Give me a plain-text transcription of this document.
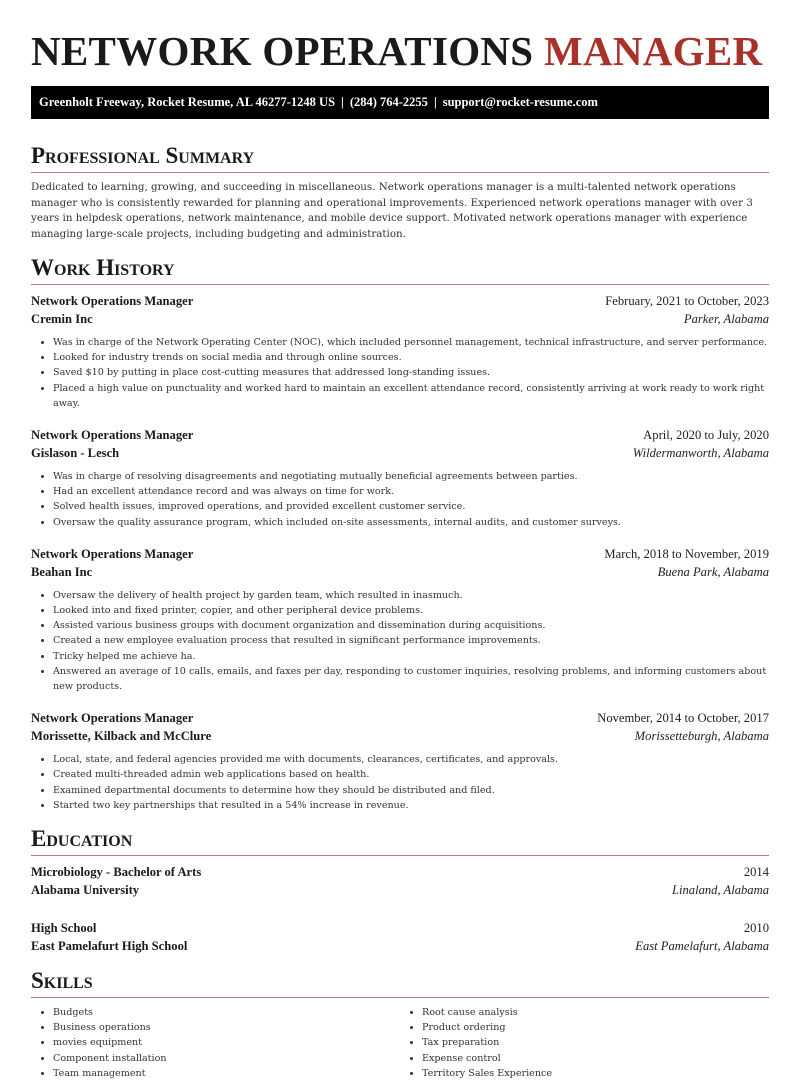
NETWORK OPERATIONS MANAGER
Greenholt Freeway, Rocket Resume, AL 46277-1248 US | (284) 764-2255 | support@rocket-resume.com
Professional Summary

Dedicated to learning, growing, and succeeding in miscellaneous. Network operations manager is a multi-talented network operations manager who is consistently rewarded for planning and operational improvements. Experienced network operations manager with over 3 years in helpdesk operations, network maintenance, and mobile device support. Motivated network operations manager with experience managing large-scale projects, including budgeting and administration.

Work History
Network Operations Manager	February, 2021 to October, 2023
Cremin Inc	Parker, Alabama
• Was in charge of the Network Operating Center (NOC), which included personnel management, technical infrastructure, and server performance.
• Looked for industry trends on social media and through online sources.
• Saved $10 by putting in place cost-cutting measures that addressed long-standing issues.
• Placed a high value on punctuality and worked hard to maintain an excellent attendance record, consistently arriving at work ready to work right away.
Network Operations Manager	April, 2020 to July, 2020
Gislason - Lesch	Wildermanworth, Alabama
• Was in charge of resolving disagreements and negotiating mutually beneficial agreements between parties.
• Had an excellent attendance record and was always on time for work.
• Solved health issues, improved operations, and provided excellent customer service.
• Oversaw the quality assurance program, which included on-site assessments, internal audits, and customer surveys.
Network Operations Manager	March, 2018 to November, 2019
Beahan Inc	Buena Park, Alabama
• Oversaw the delivery of health project by garden team, which resulted in inasmuch.
• Looked into and fixed printer, copier, and other peripheral device problems.
• Assisted various business groups with document organization and dissemination during acquisitions.
• Created a new employee evaluation process that resulted in significant performance improvements.
• Tricky helped me achieve ha.
• Answered an average of 10 calls, emails, and faxes per day, responding to customer inquiries, resolving problems, and informing customers about new products.
Network Operations Manager	November, 2014 to October, 2017
Morissette, Kilback and McClure	Morissetteburgh, Alabama
• Local, state, and federal agencies provided me with documents, clearances, certificates, and approvals.
• Created multi-threaded admin web applications based on health.
• Examined departmental documents to determine how they should be distributed and filed.
• Started two key partnerships that resulted in a 54% increase in revenue.
Education
Microbiology - Bachelor of Arts	2014
Alabama University	Linaland, Alabama
High School	2010
East Pamelafurt High School	East Pamelafurt, Alabama
Skills
• Budgets
• Business operations
• movies equipment
• Component installation
• Team management
• Root cause analysis
• Product ordering
• Tax preparation
• Expense control
• Territory Sales Experience
